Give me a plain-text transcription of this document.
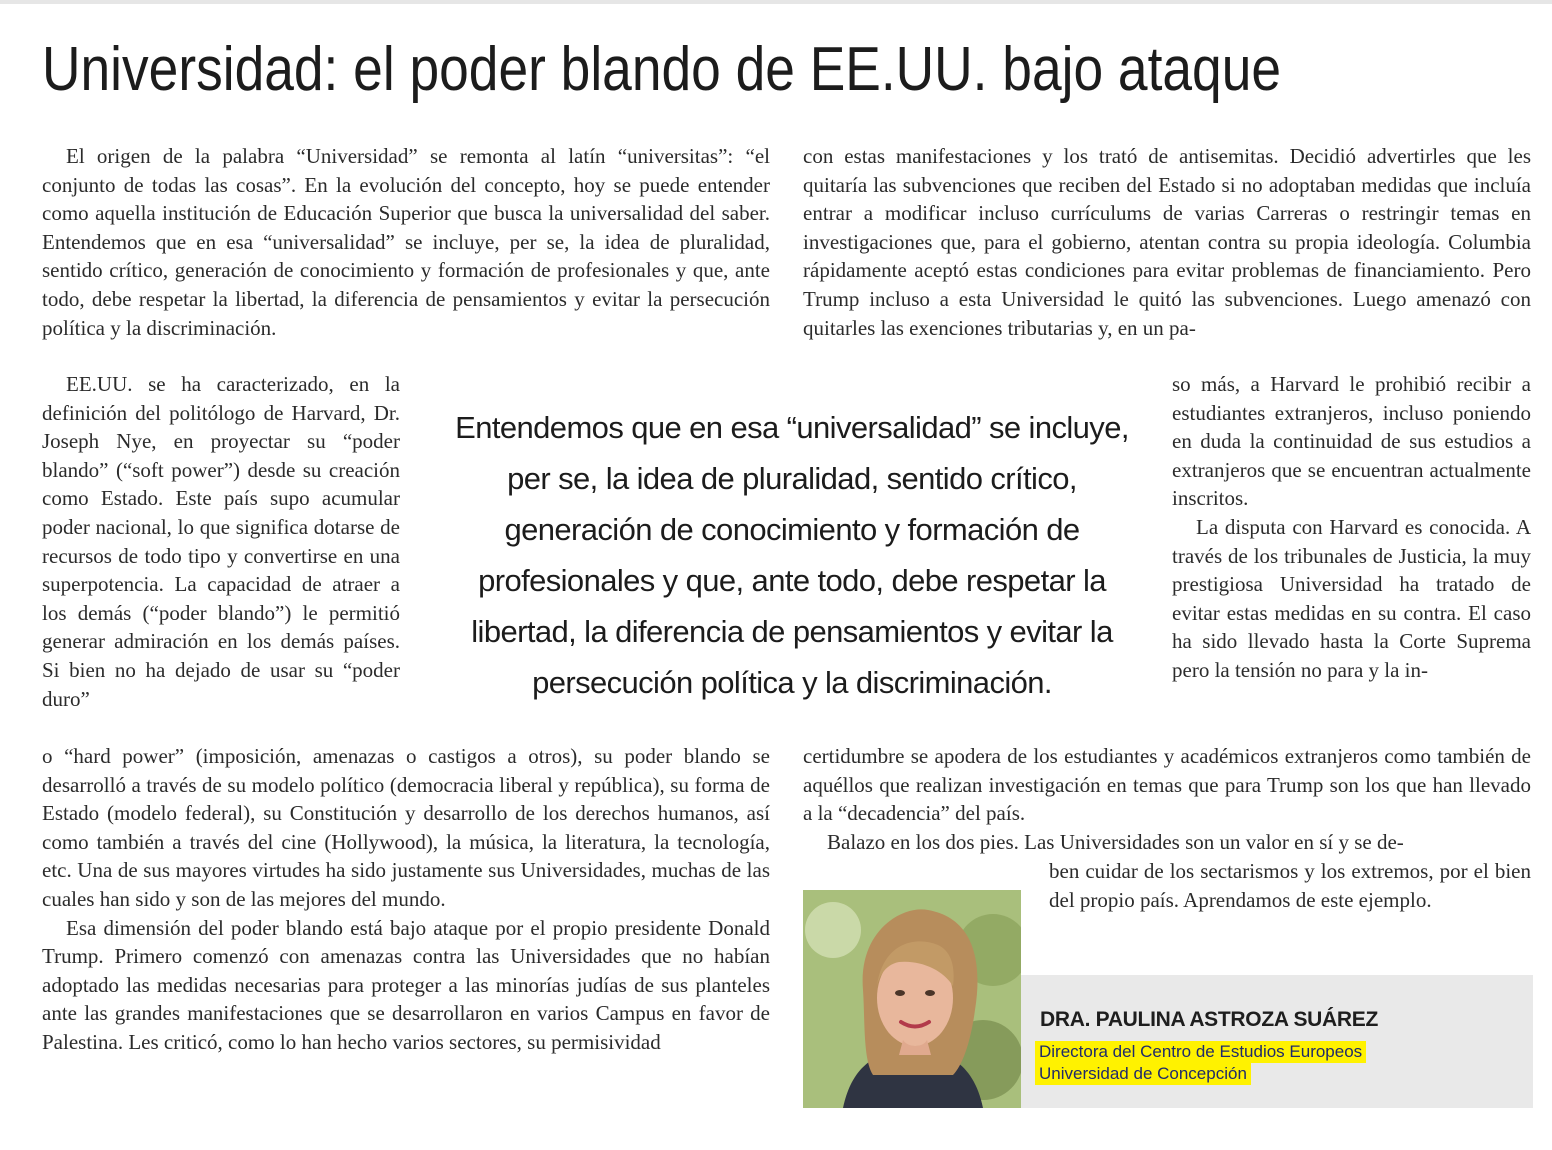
Universidad: el poder blando de EE.UU. bajo ataque

El origen de la palabra “Universidad” se remonta al latín “universitas”: “el conjunto de todas las cosas”. En la evolución del concepto, hoy se puede entender como aquella institución de Educación Superior que busca la universalidad del saber. Entendemos que en esa “universalidad” se incluye, per se, la idea de pluralidad, sentido crítico, generación de conocimiento y formación de profesionales y que, ante todo, debe respetar la libertad, la diferencia de pensamientos y evitar la persecución política y la discriminación.

EE.UU. se ha caracterizado, en la definición del politólogo de Harvard, Dr. Joseph Nye, en proyectar su “poder blando” (“soft power”) desde su creación como Estado. Este país supo acumular poder nacional, lo que significa dotarse de recursos de todo tipo y convertirse en una superpotencia. La capacidad de atraer a los demás (“poder blando”) le permitió generar admiración en los demás países. Si bien no ha dejado de usar su “poder duro”

o “hard power” (imposición, amenazas o castigos a otros), su poder blando se desarrolló a través de su modelo político (democracia liberal y república), su forma de Estado (modelo federal), su Constitución y desarrollo de los derechos humanos, así como también a través del cine (Hollywood), la música, la literatura, la tecnología, etc. Una de sus mayores virtudes ha sido justamente sus Universidades, muchas de las cuales han sido y son de las mejores del mundo.

Esa dimensión del poder blando está bajo ataque por el propio presidente Donald Trump. Primero comenzó con amenazas contra las Universidades que no habían adoptado las medidas necesarias para proteger a las minorías judías de sus planteles ante las grandes manifestaciones que se desarrollaron en varios Campus en favor de Palestina. Les criticó, como lo han hecho varios sectores, su permisividad

con estas manifestaciones y los trató de antisemitas. Decidió advertirles que les quitaría las subvenciones que reciben del Estado si no adoptaban medidas que incluía entrar a modificar incluso currículums de varias Carreras o restringir temas en investigaciones que, para el gobierno, atentan contra su propia ideología. Columbia rápidamente aceptó estas condiciones para evitar problemas de financiamiento. Pero Trump incluso a esta Universidad le quitó las subvenciones. Luego amenazó con quitarles las exenciones tributarias y, en un pa-

so más, a Harvard le prohibió recibir a estudiantes extranjeros, incluso poniendo en duda la continuidad de sus estudios a extranjeros que se encuentran actualmente inscritos.

La disputa con Harvard es conocida. A través de los tribunales de Justicia, la muy prestigiosa Universidad ha tratado de evitar estas medidas en su contra. El caso ha sido llevado hasta la Corte Suprema pero la tensión no para y la in-

certidumbre se apodera de los estudiantes y académicos extranjeros como también de aquéllos que realizan investigación en temas que para Trump son los que han llevado a la “decadencia” del país.

Balazo en los dos pies. Las Universidades son un valor en sí y se de-

ben cuidar de los sectarismos y los extremos, por el bien del propio país. Aprendamos de este ejemplo.

Entendemos que en esa “universalidad” se incluye, per se, la idea de pluralidad, sentido crítico, generación de conocimiento y formación de profesionales y que, ante todo, debe respetar la libertad, la diferencia de pensamientos y evitar la persecución política y la discriminación.
DRA. PAULINA ASTROZA SUÁREZ
Directora del Centro de Estudios Europeos
Universidad de Concepción
